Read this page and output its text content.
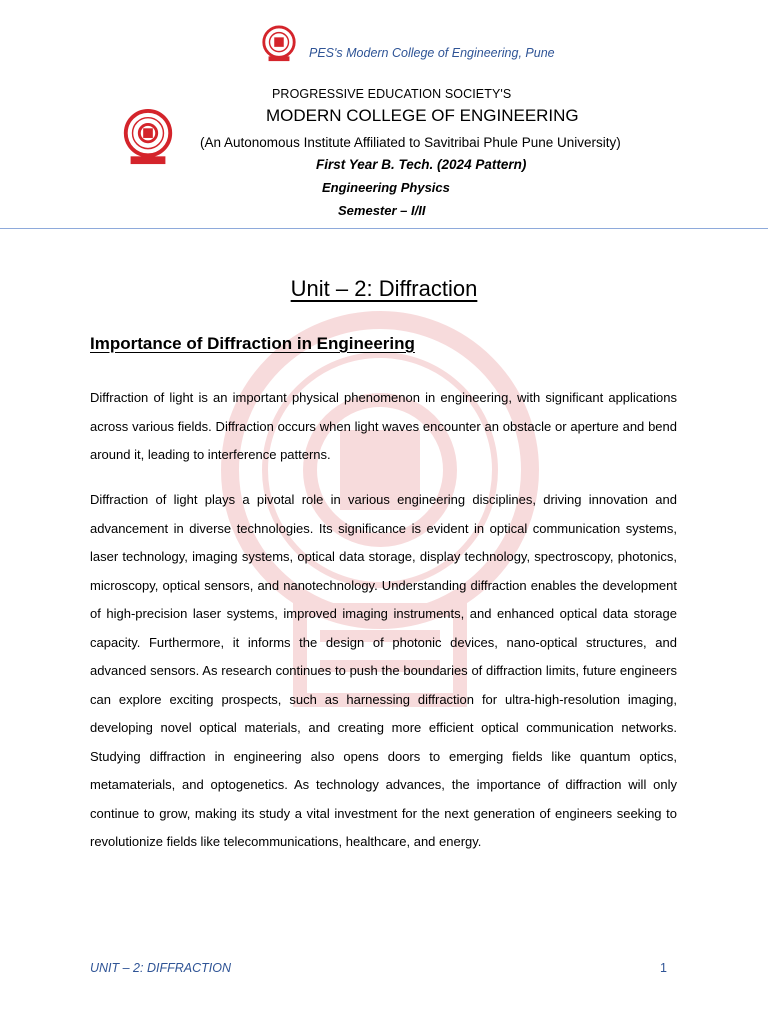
PES's Modern College of Engineering, Pune
PROGRESSIVE EDUCATION SOCIETY'S
MODERN COLLEGE OF ENGINEERING
(An Autonomous Institute Affiliated to Savitribai Phule Pune University)
First Year B. Tech. (2024 Pattern)
Engineering Physics
Semester – I/II
Unit – 2: Diffraction
Importance of Diffraction in Engineering
Diffraction of light is an important physical phenomenon in engineering, with significant applications across various fields. Diffraction occurs when light waves encounter an obstacle or aperture and bend around it, leading to interference patterns.
Diffraction of light plays a pivotal role in various engineering disciplines, driving innovation and advancement in diverse technologies. Its significance is evident in optical communication systems, laser technology, imaging systems, optical data storage, display technology, spectroscopy, photonics, microscopy, optical sensors, and nanotechnology. Understanding diffraction enables the development of high-precision laser systems, improved imaging instruments, and enhanced optical data storage capacity. Furthermore, it informs the design of photonic devices, nano-optical structures, and advanced sensors. As research continues to push the boundaries of diffraction limits, future engineers can explore exciting prospects, such as harnessing diffraction for ultra-high-resolution imaging, developing novel optical materials, and creating more efficient optical communication networks. Studying diffraction in engineering also opens doors to emerging fields like quantum optics, metamaterials, and optogenetics. As technology advances, the importance of diffraction will only continue to grow, making its study a vital investment for the next generation of engineers seeking to revolutionize fields like telecommunications, healthcare, and energy.
UNIT – 2: DIFFRACTION	1
